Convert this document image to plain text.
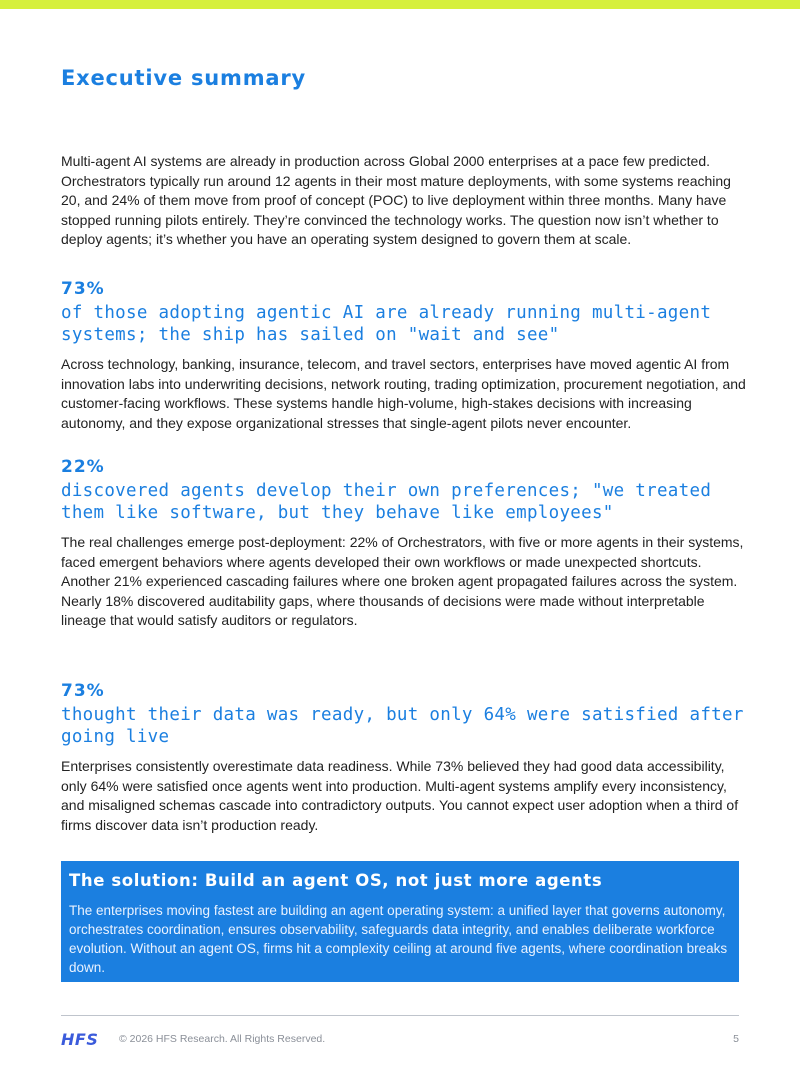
Executive summary

Multi-agent AI systems are already in production across Global 2000 enterprises at a pace few predicted. Orchestrators typically run around 12 agents in their most mature deployments, with some systems reaching 20, and 24% of them move from proof of concept (POC) to live deployment within three months. Many have stopped running pilots entirely. They’re convinced the technology works. The question now isn’t whether to deploy agents; it’s whether you have an operating system designed to govern them at scale.

73%
of those adopting agentic AI are already running multi-agent systems; the ship has sailed on "wait and see"
Across technology, banking, insurance, telecom, and travel sectors, enterprises have moved agentic AI from innovation labs into underwriting decisions, network routing, trading optimization, procurement negotiation, and customer-facing workflows. These systems handle high-volume, high-stakes decisions with increasing autonomy, and they expose organizational stresses that single-agent pilots never encounter.
22%
discovered agents develop their own preferences; "we treated them like software, but they behave like employees"
The real challenges emerge post-deployment: 22% of Orchestrators, with five or more agents in their systems, faced emergent behaviors where agents developed their own workflows or made unexpected shortcuts. Another 21% experienced cascading failures where one broken agent propagated failures across the system. Nearly 18% discovered auditability gaps, where thousands of decisions were made without interpretable lineage that would satisfy auditors or regulators.
73%
thought their data was ready, but only 64% were satisfied after going live
Enterprises consistently overestimate data readiness. While 73% believed they had good data accessibility, only 64% were satisfied once agents went into production. Multi-agent systems amplify every inconsistency, and misaligned schemas cascade into contradictory outputs. You cannot expect user adoption when a third of firms discover data isn’t production ready.
The solution: Build an agent OS, not just more agents
The enterprises moving fastest are building an agent operating system: a unified layer that governs autonomy, orchestrates coordination, ensures observability, safeguards data integrity, and enables deliberate workforce evolution. Without an agent OS, firms hit a complexity ceiling at around five agents, where coordination breaks down.
HFS © 2026 HFS Research. All Rights Reserved.	5
